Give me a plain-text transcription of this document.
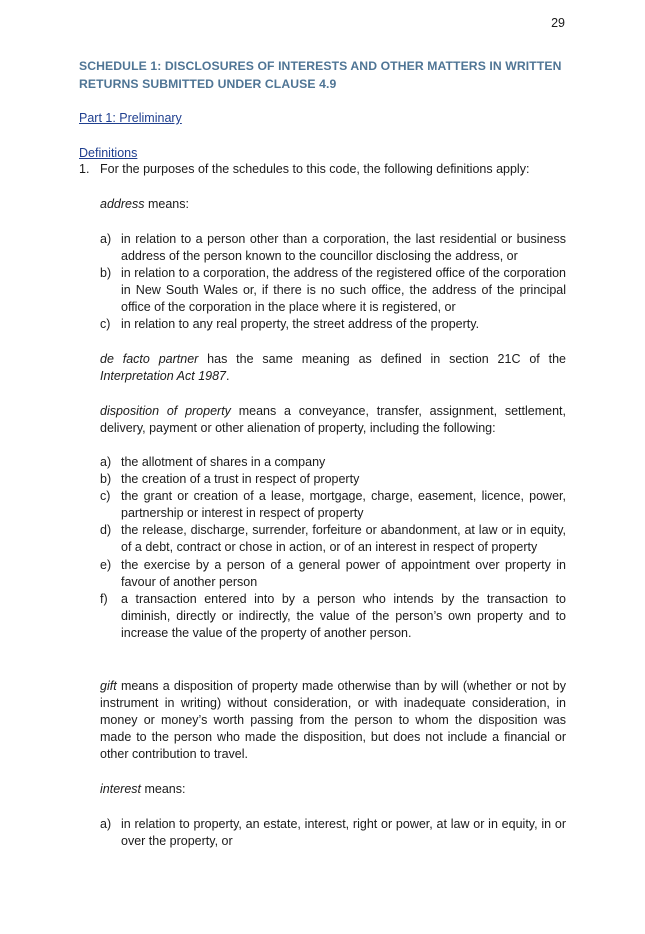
29
SCHEDULE 1: DISCLOSURES OF INTERESTS AND OTHER MATTERS IN WRITTEN RETURNS SUBMITTED UNDER CLAUSE 4.9
Part 1: Preliminary
Definitions
1. For the purposes of the schedules to this code, the following definitions apply:
address means:
a) in relation to a person other than a corporation, the last residential or business address of the person known to the councillor disclosing the address, or
b) in relation to a corporation, the address of the registered office of the corporation in New South Wales or, if there is no such office, the address of the principal office of the corporation in the place where it is registered, or
c) in relation to any real property, the street address of the property.
de facto partner has the same meaning as defined in section 21C of the Interpretation Act 1987.
disposition of property means a conveyance, transfer, assignment, settlement, delivery, payment or other alienation of property, including the following:
a) the allotment of shares in a company
b) the creation of a trust in respect of property
c) the grant or creation of a lease, mortgage, charge, easement, licence, power, partnership or interest in respect of property
d) the release, discharge, surrender, forfeiture or abandonment, at law or in equity, of a debt, contract or chose in action, or of an interest in respect of property
e) the exercise by a person of a general power of appointment over property in favour of another person
f) a transaction entered into by a person who intends by the transaction to diminish, directly or indirectly, the value of the person’s own property and to increase the value of the property of another person.
gift means a disposition of property made otherwise than by will (whether or not by instrument in writing) without consideration, or with inadequate consideration, in money or money’s worth passing from the person to whom the disposition was made to the person who made the disposition, but does not include a financial or other contribution to travel.
interest means:
a) in relation to property, an estate, interest, right or power, at law or in equity, in or over the property, or
